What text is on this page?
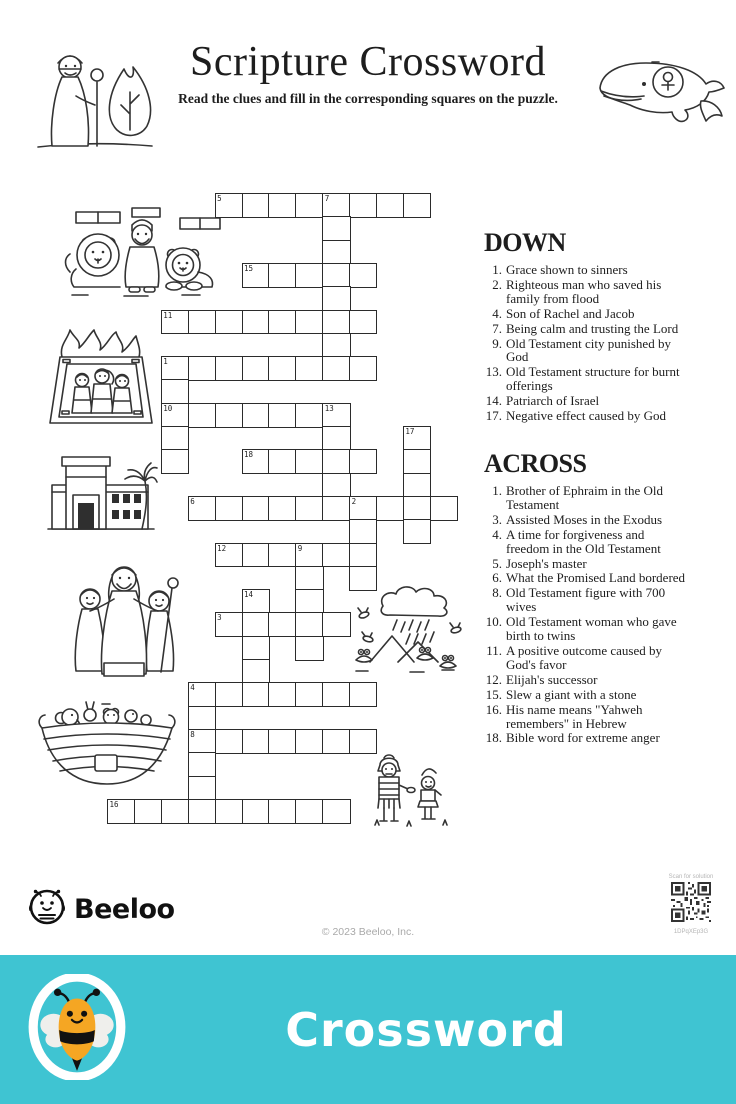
Scripture Crossword
Read the clues and fill in the corresponding squares on the puzzle.
5	7
15
11
1
10	13
17
18
6	2
12	9
14
3
4
8
16
DOWN
1. Grace shown to sinners
2. Righteous man who saved his family from flood
4. Son of Rachel and Jacob
7. Being calm and trusting the Lord
9. Old Testament city punished by God
13. Old Testament structure for burnt offerings
14. Patriarch of Israel
17. Negative effect caused by God
ACROSS
1. Brother of Ephraim in the Old Testament
3. Assisted Moses in the Exodus
4. A time for forgiveness and freedom in the Old Testament
5. Joseph's master
6. What the Promised Land bordered
8. Old Testament figure with 700 wives
10. Old Testament woman who gave birth to twins
11. A positive outcome caused by God's favor
12. Elijah's successor
15. Slew a giant with a stone
16. His name means "Yahweh remembers" in Hebrew
18. Bible word for extreme anger
Beeloo
© 2023 Beeloo, Inc.
Scan for solution
1DPqXEp3G
Crossword
